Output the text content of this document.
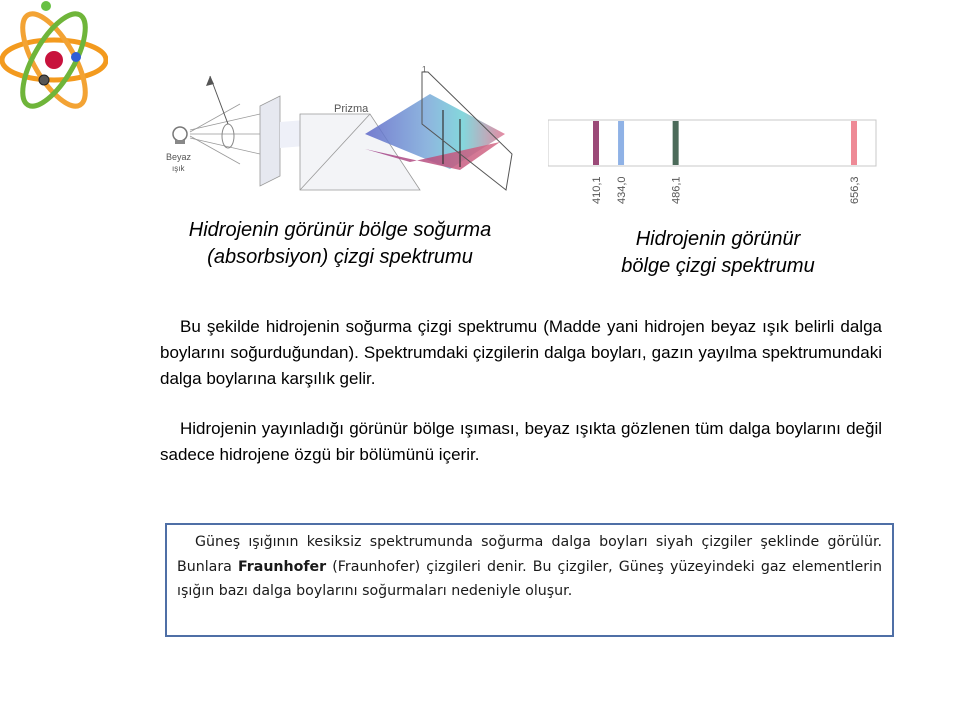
Beyaz
ışık
Prizma
1
410,1 434,0	486,1	656,3
Hidrojenin görünür bölge soğurma
(absorbsiyon) çizgi spektrumu
Hidrojenin görünür
bölge çizgi spektrumu

Bu şekilde hidrojenin soğurma çizgi spektrumu (Madde yani hidrojen beyaz ışık belirli dalga boylarını soğurduğundan). Spektrumdaki çizgilerin dalga boyları, gazın yayılma spektrumundaki dalga boylarına karşılık gelir.

Hidrojenin yayınladığı görünür bölge ışıması, beyaz ışıkta gözlenen tüm dalga boylarını değil sadece hidrojene özgü bir bölümünü içerir.

Güneş ışığının kesiksiz spektrumunda soğurma dalga boyları siyah çizgiler şeklinde görülür. Bunlara Fraunhofer (Fraunhofer) çizgileri denir. Bu çizgiler, Güneş yüzeyindeki gaz elementlerin ışığın bazı dalga boylarını soğurmaları nedeniyle oluşur.
